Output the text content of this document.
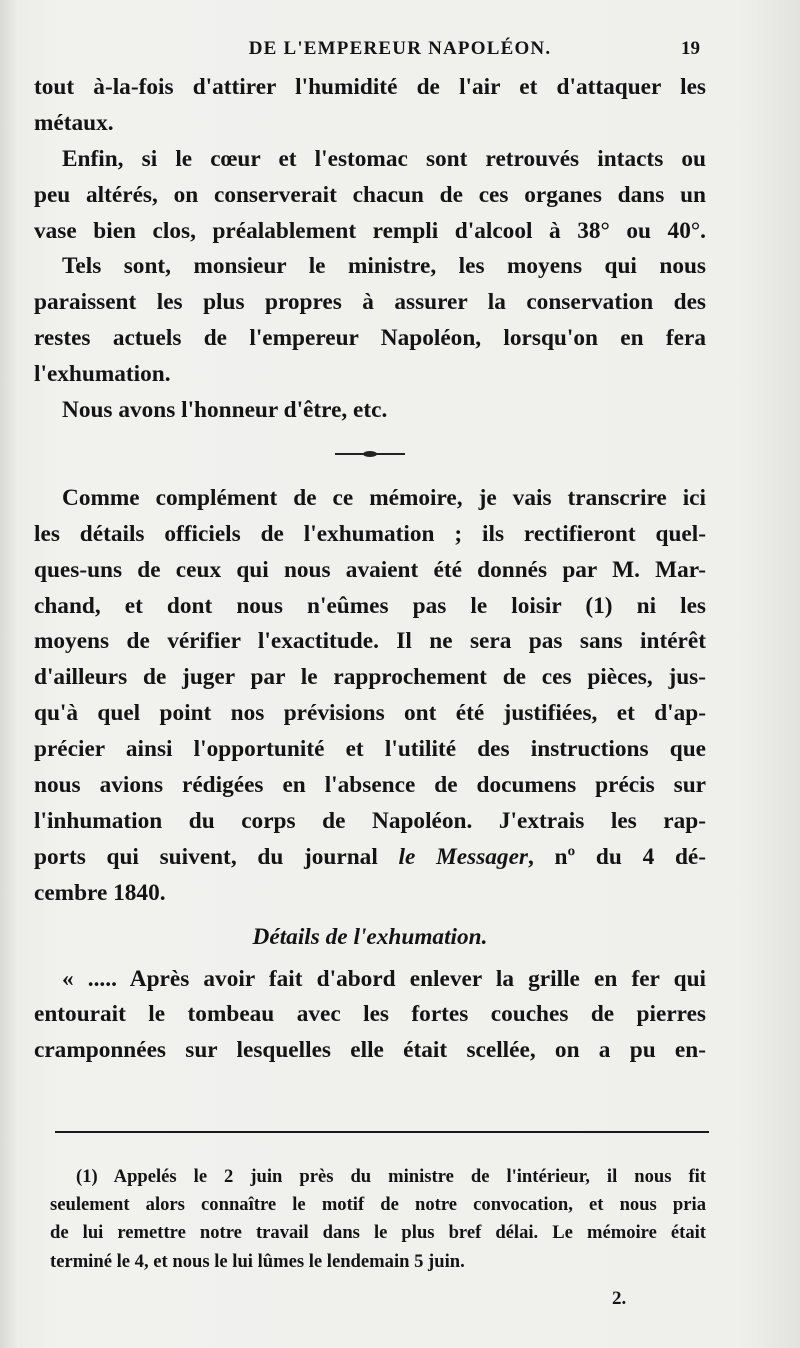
DE L'EMPEREUR NAPOLÉON.	19
tout à-la-fois d'attirer l'humidité de l'air et d'attaquer les
métaux.
Enfin, si le cœur et l'estomac sont retrouvés intacts ou
peu altérés, on conserverait chacun de ces organes dans un
vase bien clos, préalablement rempli d'alcool à 38° ou 40°.
Tels sont, monsieur le ministre, les moyens qui nous
paraissent les plus propres à assurer la conservation des
restes actuels de l'empereur Napoléon, lorsqu'on en fera
l'exhumation.
Nous avons l'honneur d'être, etc.
Comme complément de ce mémoire, je vais transcrire ici
les détails officiels de l'exhumation ; ils rectifieront quel-
ques-uns de ceux qui nous avaient été donnés par M. Mar-
chand, et dont nous n'eûmes pas le loisir (1) ni les
moyens de vérifier l'exactitude. Il ne sera pas sans intérêt
d'ailleurs de juger par le rapprochement de ces pièces, jus-
qu'à quel point nos prévisions ont été justifiées, et d'ap-
précier ainsi l'opportunité et l'utilité des instructions que
nous avions rédigées en l'absence de documens précis sur
l'inhumation du corps de Napoléon. J'extrais les rap-
ports qui suivent, du journal le Messager, nº du 4 dé-
cembre 1840.
Détails de l'exhumation.
« ..... Après avoir fait d'abord enlever la grille en fer qui
entourait le tombeau avec les fortes couches de pierres
cramponnées sur lesquelles elle était scellée, on a pu en-
(1) Appelés le 2 juin près du ministre de l'intérieur, il nous fit
seulement alors connaître le motif de notre convocation, et nous pria
de lui remettre notre travail dans le plus bref délai. Le mémoire était
terminé le 4, et nous le lui lûmes le lendemain 5 juin.
2.
